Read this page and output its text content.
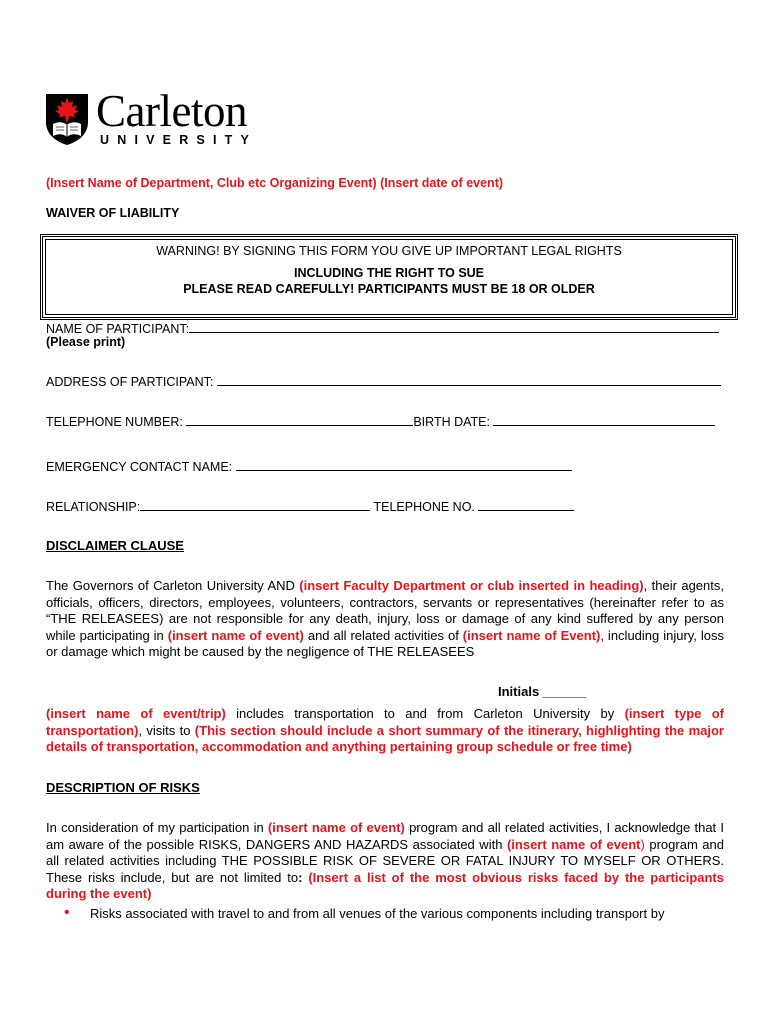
Carleton
UNIVERSITY
(Insert Name of Department, Club etc Organizing Event) (Insert date of event)
WAIVER OF LIABILITY
WARNING! BY SIGNING THIS FORM YOU GIVE UP IMPORTANT LEGAL RIGHTS
INCLUDING THE RIGHT TO SUE
PLEASE READ CAREFULLY! PARTICIPANTS MUST BE 18 OR OLDER
NAME OF PARTICIPANT:
(Please print)
ADDRESS OF PARTICIPANT:
TELEPHONE NUMBER:	BIRTH DATE:
EMERGENCY CONTACT NAME:
RELATIONSHIP:	TELEPHONE NO.
DISCLAIMER CLAUSE
The Governors of Carleton University AND (insert Faculty Department or club inserted in heading), their agents, officials, officers, directors, employees, volunteers, contractors, servants or representatives (hereinafter refer to as “THE RELEASEES) are not responsible for any death, injury, loss or damage of any kind suffered by any person while participating in (insert name of event) and all related activities of (insert name of Event), including injury, loss or damage which might be caused by the negligence of THE RELEASEES
Initials ______
(insert name of event/trip) includes transportation to and from Carleton University by (insert type of transportation), visits to (This section should include a short summary of the itinerary, highlighting the major details of transportation, accommodation and anything pertaining group schedule or free time)
DESCRIPTION OF RISKS
In consideration of my participation in (insert name of event) program and all related activities, I acknowledge that I am aware of the possible RISKS, DANGERS AND HAZARDS associated with (insert name of event) program and all related activities including THE POSSIBLE RISK OF SEVERE OR FATAL INJURY TO MYSELF OR OTHERS. These risks include, but are not limited to: (Insert a list of the most obvious risks faced by the participants during the event)
• Risks associated with travel to and from all venues of the various components including transport by
